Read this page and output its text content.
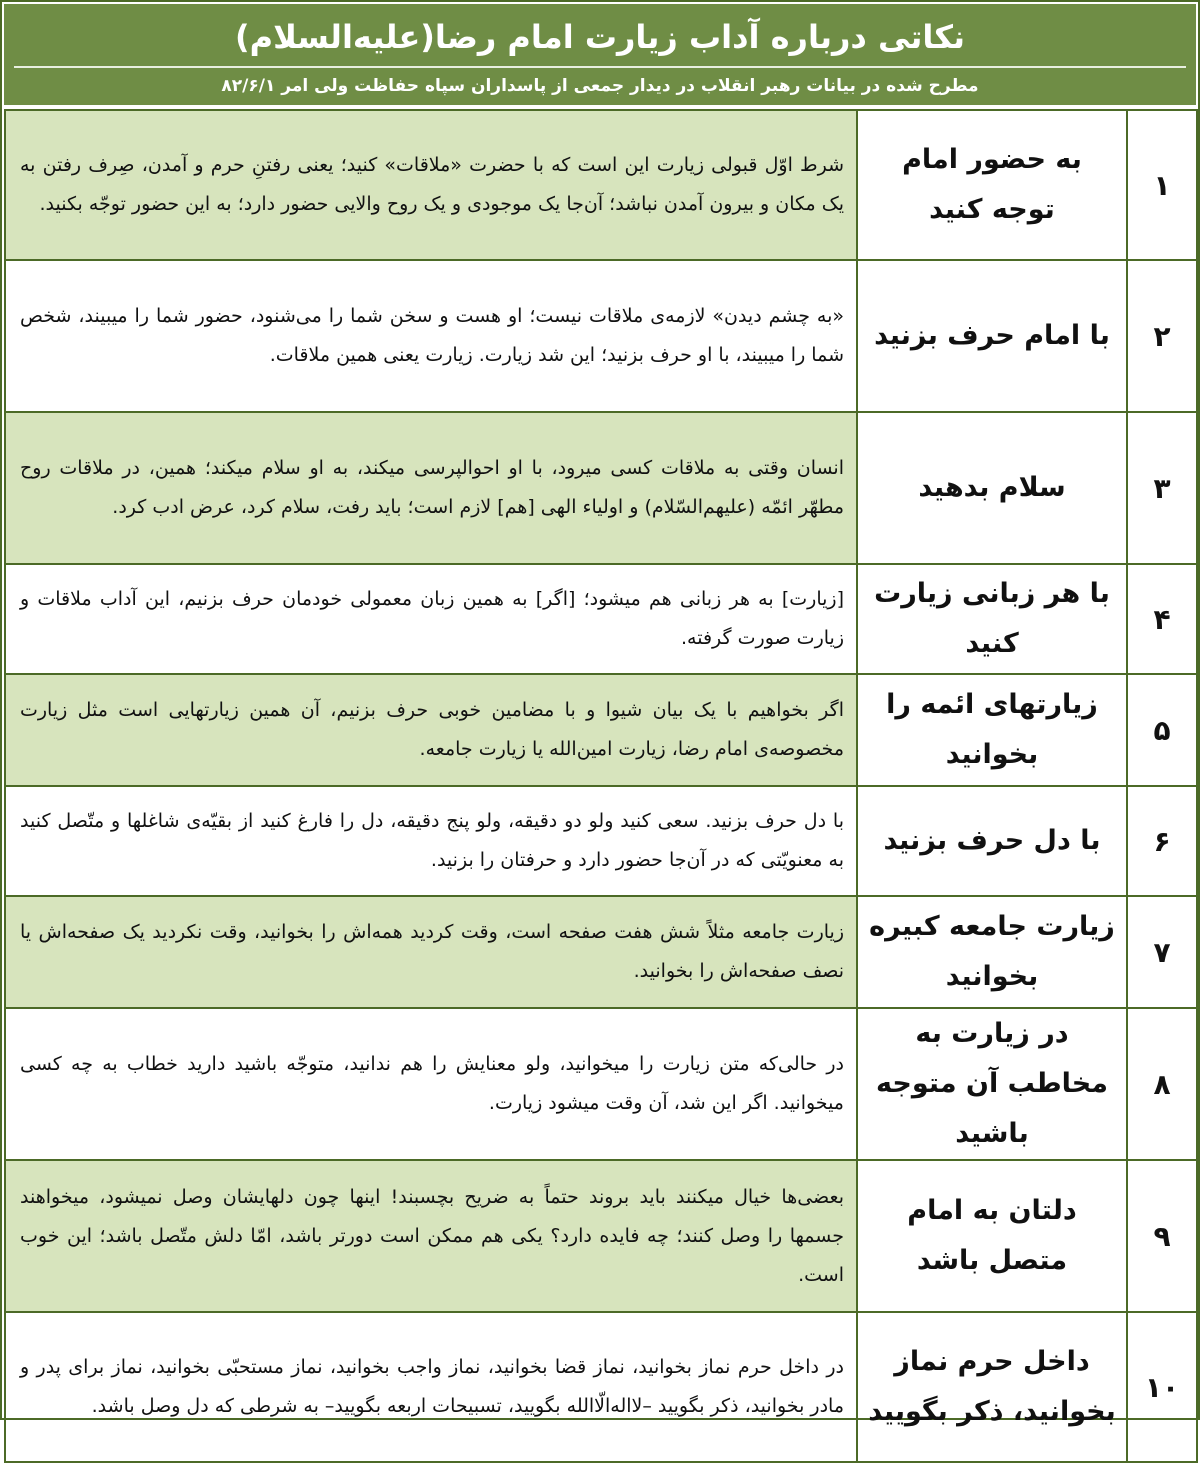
نکاتی درباره آداب زیارت امام رضا(علیه‌السلام)
مطرح شده در بیانات رهبر انقلاب در دیدار جمعی از پاسداران سپاه حفاظت ولی امر ۸۲/۶/۱
۱	به حضور امام توجه کنید	شرط اوّل قبولی زیارت این است که با حضرت «ملاقات» کنید؛ یعنی رفتنِ حرم و آمدن، صِرف رفتن به یک مکان و بیرون آمدن نباشد؛ آن‌جا یک موجودی و یک روح والایی حضور دارد؛ به این حضور توجّه بکنید.
۲	با امام حرف بزنید	«به چشم دیدن» لازمه‌ی ملاقات نیست؛ او هست و سخن شما را می‌شنود، حضور شما را میبیند، شخص شما را میبیند، با او حرف بزنید؛ این شد زیارت. زیارت یعنی همین ملاقات.
۳	سلام بدهید	انسان وقتی به ملاقات کسی میرود، با او احوالپرسی میکند، به او سلام میکند؛ همین، در ملاقات روح مطهّر ائمّه (علیهم‌السّلام) و اولیاء الهی [هم] لازم است؛ باید رفت، سلام کرد، عرض ادب کرد.
۴	با هر زبانی زیارت کنید	[زیارت] به هر زبانی هم میشود؛ [اگر] به همین زبان معمولی خودمان حرف بزنیم، این آداب ملاقات و زیارت صورت گرفته.
۵	زیارتهای ائمه را بخوانید	اگر بخواهیم با یک بیان شیوا و با مضامین خوبی حرف بزنیم، آن همین زیارتهایی است مثل زیارت مخصوصه‌ی امام رضا، زیارت امین‌الله یا زیارت جامعه.
۶	با دل حرف بزنید	با دل حرف بزنید. سعی کنید ولو دو دقیقه، ولو پنج دقیقه، دل را فارغ کنید از بقیّه‌ی شاغلها و متّصل کنید به معنویّتی که در آن‌جا حضور دارد و حرفتان را بزنید.
۷	زیارت جامعه کبیره بخوانید	زیارت جامعه مثلاً شش هفت صفحه است، وقت کردید همه‌اش را بخوانید، وقت نکردید یک صفحه‌اش یا نصف صفحه‌اش را بخوانید.
۸	در زیارت به مخاطب آن متوجه باشید	در حالی‌که متن زیارت را میخوانید، ولو معنایش را هم ندانید، متوجّه باشید دارید خطاب به چه کسی میخوانید. اگر این شد، آن وقت میشود زیارت.
۹	دلتان به امام متصل باشد	بعضی‌ها خیال میکنند باید بروند حتماً به ضریح بچسبند! اینها چون دلهایشان وصل نمیشود، میخواهند جسمها را وصل کنند؛ چه فایده دارد؟ یکی هم ممکن است دورتر باشد، امّا دلش متّصل باشد؛ این خوب است.
۱۰	داخل حرم نماز بخوانید، ذکر بگویید	در داخل حرم نماز بخوانید، نماز قضا بخوانید، نماز واجب بخوانید، نماز مستحبّی بخوانید، نماز برای پدر و مادر بخوانید، ذکر بگویید –لااله‌الّاالله بگویید، تسبیحات اربعه بگویید– به شرطی که دل وصل باشد.
